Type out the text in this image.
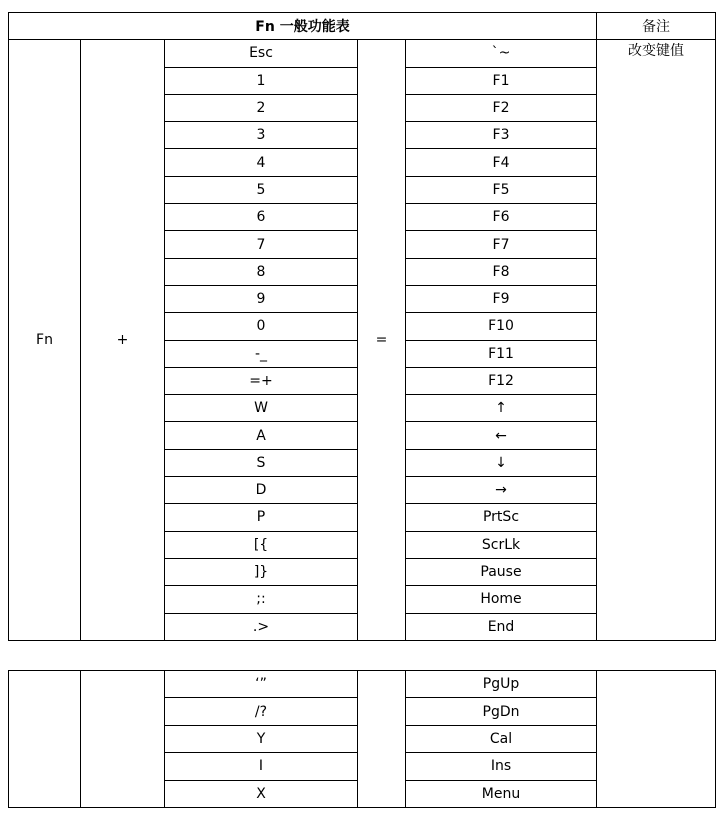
Fn 一般功能表					备注
Fn	+	Esc	=	`~	改变键值
		1		F1	
		2		F2	
		3		F3	
		4		F4	
		5		F5	
		6		F6	
		7		F7	
		8		F8	
		9		F9	
		0		F10	
		-_		F11	
		=+		F12	
		W		↑	
		A		←	
		S		↓	
		D		→	
		P		PrtSc	
		[{		ScrLk	
		]}		Pause	
		;:		Home	
		.>		End	
		‘”		PgUp	
		/?		PgDn	
		Y		Cal	
		I		Ins	
		X		Menu	
